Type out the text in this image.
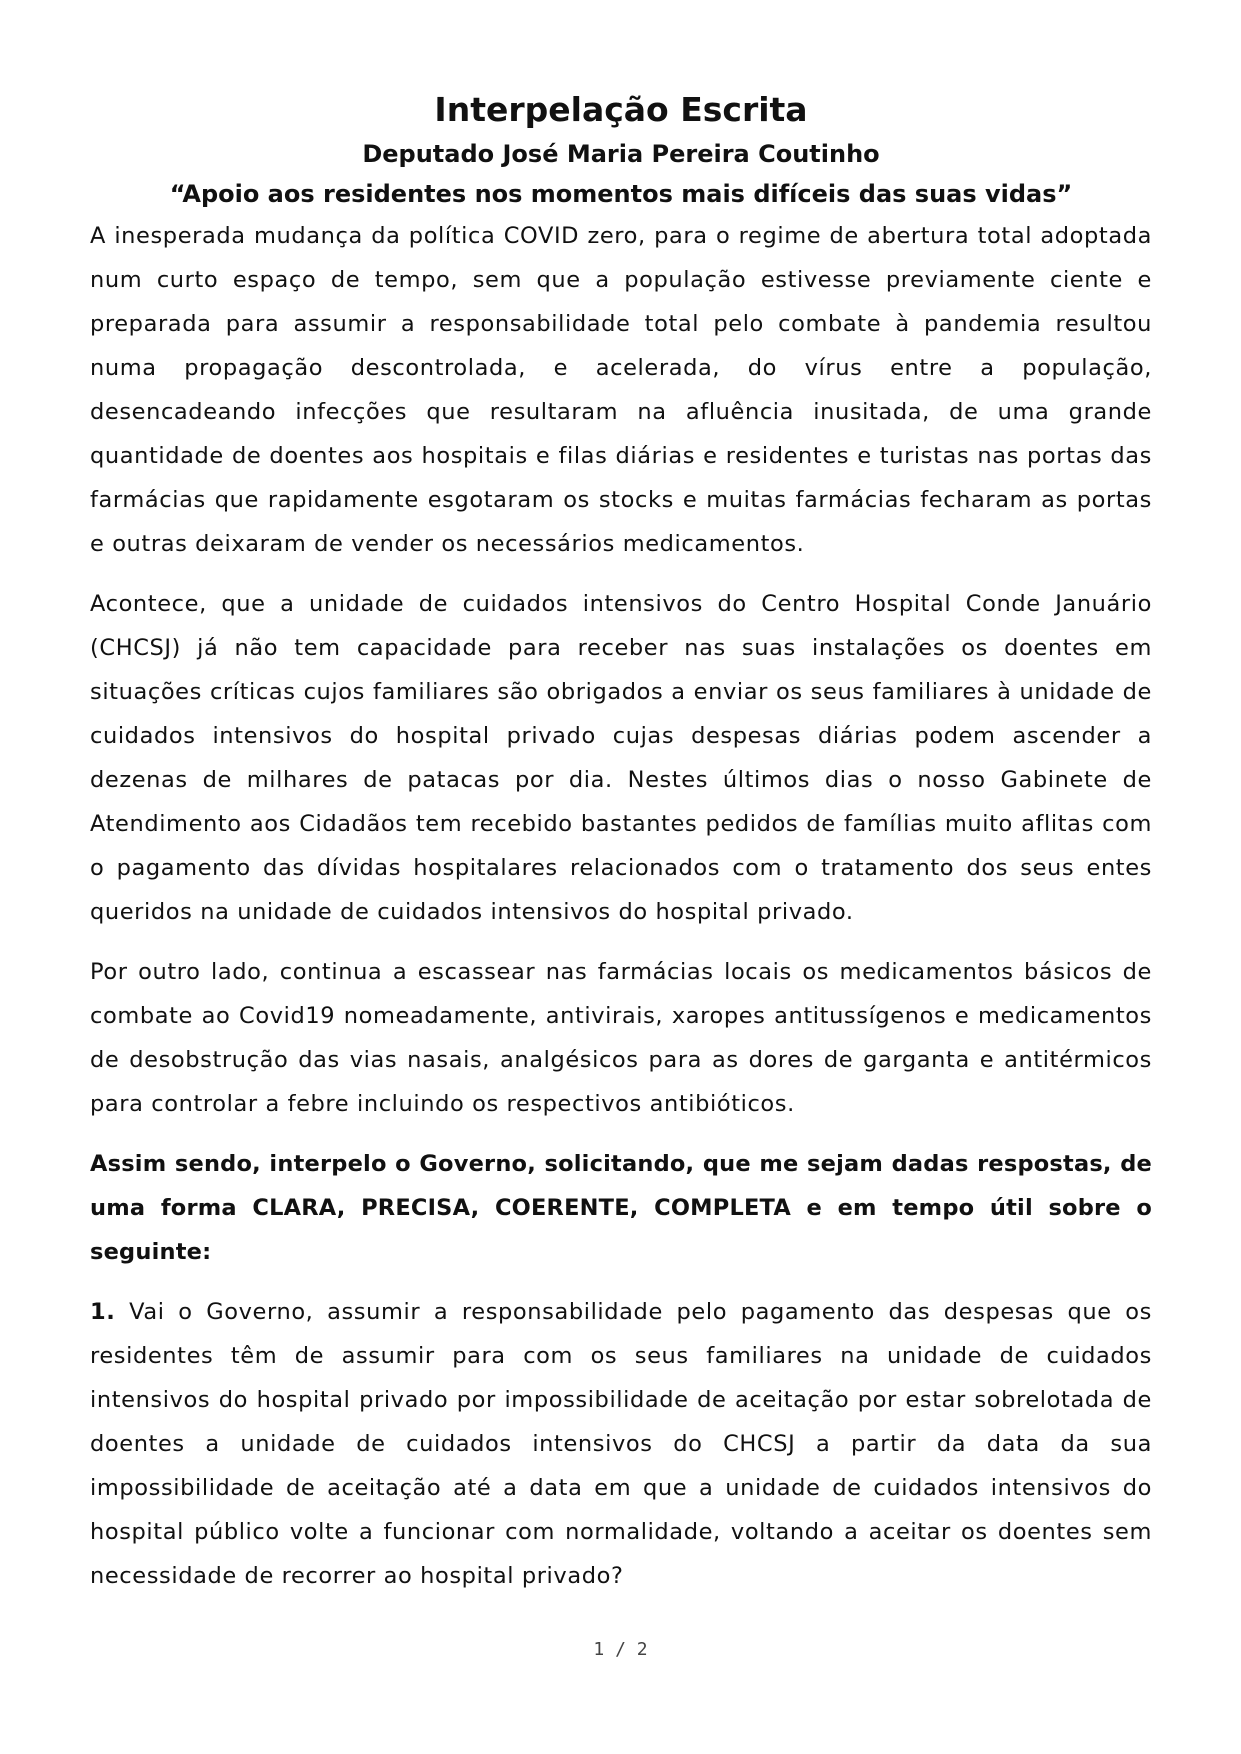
Interpelação Escrita
Deputado José Maria Pereira Coutinho
“Apoio aos residentes nos momentos mais difíceis das suas vidas”

A inesperada mudança da política COVID zero, para o regime de abertura total adoptada num curto espaço de tempo, sem que a população estivesse previamente ciente e preparada para assumir a responsabilidade total pelo combate à pandemia resultou numa propagação descontrolada, e acelerada, do vírus entre a população, desencadeando infecções que resultaram na afluência inusitada, de uma grande quantidade de doentes aos hospitais e filas diárias e residentes e turistas nas portas das farmácias que rapidamente esgotaram os stocks e muitas farmácias fecharam as portas e outras deixaram de vender os necessários medicamentos.

Acontece, que a unidade de cuidados intensivos do Centro Hospital Conde Januário (CHCSJ) já não tem capacidade para receber nas suas instalações os doentes em situações críticas cujos familiares são obrigados a enviar os seus familiares à unidade de cuidados intensivos do hospital privado cujas despesas diárias podem ascender a dezenas de milhares de patacas por dia. Nestes últimos dias o nosso Gabinete de Atendimento aos Cidadãos tem recebido bastantes pedidos de famílias muito aflitas com o pagamento das dívidas hospitalares relacionados com o tratamento dos seus entes queridos na unidade de cuidados intensivos do hospital privado.

Por outro lado, continua a escassear nas farmácias locais os medicamentos básicos de combate ao Covid19 nomeadamente, antivirais, xaropes antitussígenos e medicamentos de desobstrução das vias nasais, analgésicos para as dores de garganta e antitérmicos para controlar a febre incluindo os respectivos antibióticos.

Assim sendo, interpelo o Governo, solicitando, que me sejam dadas respostas, de uma forma CLARA, PRECISA, COERENTE, COMPLETA e em tempo útil sobre o seguinte:

1. Vai o Governo, assumir a responsabilidade pelo pagamento das despesas que os residentes têm de assumir para com os seus familiares na unidade de cuidados intensivos do hospital privado por impossibilidade de aceitação por estar sobrelotada de doentes a unidade de cuidados intensivos do CHCSJ a partir da data da sua impossibilidade de aceitação até a data em que a unidade de cuidados intensivos do hospital público volte a funcionar com normalidade, voltando a aceitar os doentes sem necessidade de recorrer ao hospital privado?

1 / 2
